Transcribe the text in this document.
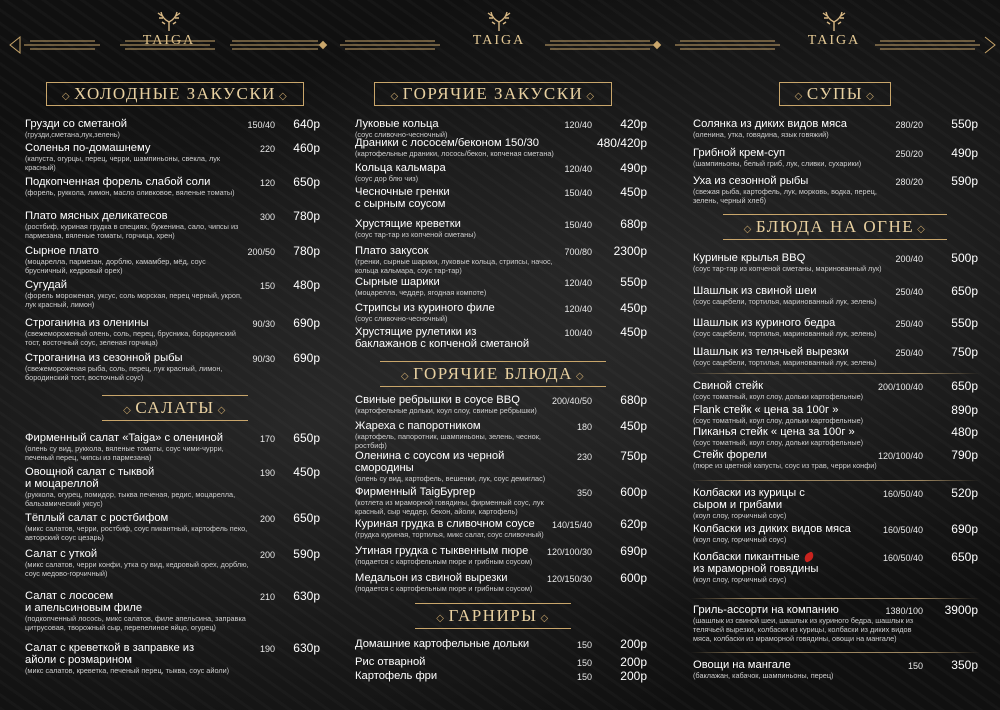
TAIGA	TAIGA	TAIGA
◇ ХОЛОДНЫЕ ЗАКУСКИ ◇
Грузди со сметаной
(грузди,сметана,лук,зелень)
150/40 640р
Соленья по-домашнему
(капуста, огурцы, перец, черри, шампиньоны, свекла, лук красный)
220 460р
Подкопченная форель слабой соли
(форель, руккола, лимон, масло оливковое, вяленые томаты)
120 650р
Плато мясных деликатесов
(ростбиф, куриная грудка в специях, буженина, сало, чипсы из пармезана, вяленые томаты, горчица, хрен)
300 780р
Сырное плато
(моцарелла, пармезан, дорблю, камамбер, мёд, соус брусничный, кедровый орех)
200/50 780р
Сугудай
(форель мороженая, уксус, соль морская, перец черный, укроп, лук красный, лимон)
150 480р
Строганина из оленины
(свежемороженый олень, соль, перец, брусника, бородинский тост, восточный соус, зеленая горчица)
90/30 690р
Строганина из сезонной рыбы
(свежемороженая рыба, соль, перец, лук красный, лимон, бородинский тост, восточный соус)
90/30 690р
◇ САЛАТЫ ◇
Фирменный салат «Taiga» с олениной
(олень су вид, руккола, вяленые томаты, соус чими-чурри, печеный перец, чипсы из пармезана)
170 650р
Овощной салат с тыквой
и моцареллой
(руккола, огурец, помидор, тыква печеная, редис, моцарелла, бальзамический уксус)
190 450р
Тёплый салат с ростбифом
(микс салатов, черри, ростбиф, соус пикантный, картофель пеко, авторский соус цезарь)
200 650р
Салат с уткой
(микс салатов, черри конфи, утка су вид, кедровый орех, дорблю, соус медово-горчичный)
200 590р
Салат с лососем
и апельсиновым филе
(подкопченный лосось, микс салатов, филе апельсина, заправка цитрусовая, творожный сыр, перепелиное яйцо, огурец)
210 630р
Салат с креветкой в заправке из
айоли с розмарином
(микс салатов, креветка, печеный перец, тыква, соус айоли)
190 630р
◇ ГОРЯЧИЕ ЗАКУСКИ ◇
Луковые кольца
(соус сливочно-чесночный)
120/40 420р
Драники с лососем/беконом 150/30
(картофельные драники, лосось/бекон, копченая сметана)
480/420р
Кольца кальмара
(соус дор блю чиз)
120/40 490р
Чесночные гренки
с сырным соусом
150/40 450р
Хрустящие креветки
(соус тар-тар из копченой сметаны)
150/40 680р
Плато закусок
(гренки, сырные шарики, луковые кольца, стрипсы, начос, кольца кальмара, соус тар-тар)
700/80 2300р
Сырные шарики
(моцарелла, чеддер, ягодная компоте)
120/40 550р
Стрипсы из куриного филе
(соус сливочно-чесночный)
120/40 450р
Хрустящие рулетики из
баклажанов с копченой сметаной
100/40 450р
◇ ГОРЯЧИЕ БЛЮДА ◇
Свиные ребрышки в соусе BBQ
(картофельные дольки, коул слоу, свиные ребрышки)
200/40/50 680р
Жареха с папоротником
(картофель, папоротник, шампиньоны, зелень, чеснок, ростбиф)
180 450р
Оленина с соусом из черной
смородины
(олень су вид, картофель, вешенки, лук, соус демиглас)
230 750р
Фирменный TaigБургер
(котлета из мраморной говядины, фирменный соус, лук красный, сыр чеддер, бекон, айоли, картофель)
350 600р
Куриная грудка в сливочном соусе
(грудка куриная, тортилья, микс салат, соус сливочный)
140/15/40 620р
Утиная грудка с тыквенным пюре
(подается с картофельным пюре и грибным соусом)
120/100/30 690р
Медальон из свиной вырезки
(подается с картофельным пюре и грибным соусом)
120/150/30 600р
◇ ГАРНИРЫ ◇
Домашние картофельные дольки	150 200р
Рис отварной	150 200р
Картофель фри	150 200р
◇ СУПЫ ◇
Солянка из диких видов мяса
(оленина, утка, говядина, язык говяжий)
280/20 550р
Грибной крем-суп
(шампиньоны, белый гриб, лук, сливки, сухарики)
250/20 490р
Уха из сезонной рыбы
(свежая рыба, картофель, лук, морковь, водка, перец, зелень, черный хлеб)
280/20 590р
◇ БЛЮДА НА ОГНЕ ◇
Куриные крылья BBQ
(соус тар-тар из копченой сметаны, маринованный лук)
200/40 500р
Шашлык из свиной шеи
(соус сацебели, тортилья, маринованный лук, зелень)
250/40 650р
Шашлык из куриного бедра
(соус сацебели, тортилья, маринованный лук, зелень)
250/40 550р
Шашлык из телячьей вырезки
(соус сацебели, тортилья, маринованный лук, зелень)
250/40 750р
Свиной стейк
(соус томатный, коул слоу, дольки картофельные)
200/100/40 650р
Flank стейк « цена за 100г »
(соус томатный, коул слоу, дольки картофельные)
890р
Пиканья стейк « цена за 100г »
(соус томатный, коул слоу, дольки картофельные)
480р
Стейк форели
(пюре из цветной капусты, соус из трав, черри конфи)
120/100/40 790р
Колбаски из курицы с
сыром и грибами
(коул слоу, горчичный соус)
160/50/40 520р
Колбаски из диких видов мяса
(коул слоу, горчичный соус)
160/50/40 690р
Колбаски пикантные
из мраморной говядины
(коул слоу, горчичный соус)
160/50/40 650р
Гриль-ассорти на компанию
(шашлык из свиной шеи, шашлык из куриного бедра, шашлык из телячьей вырезки, колбаски из курицы, колбаски из диких видов мяса, колбаски из мраморной говядины, овощи на мангале)
1380/100 3900р
Овощи на мангале
(баклажан, кабачок, шампиньоны, перец)
150 350р
